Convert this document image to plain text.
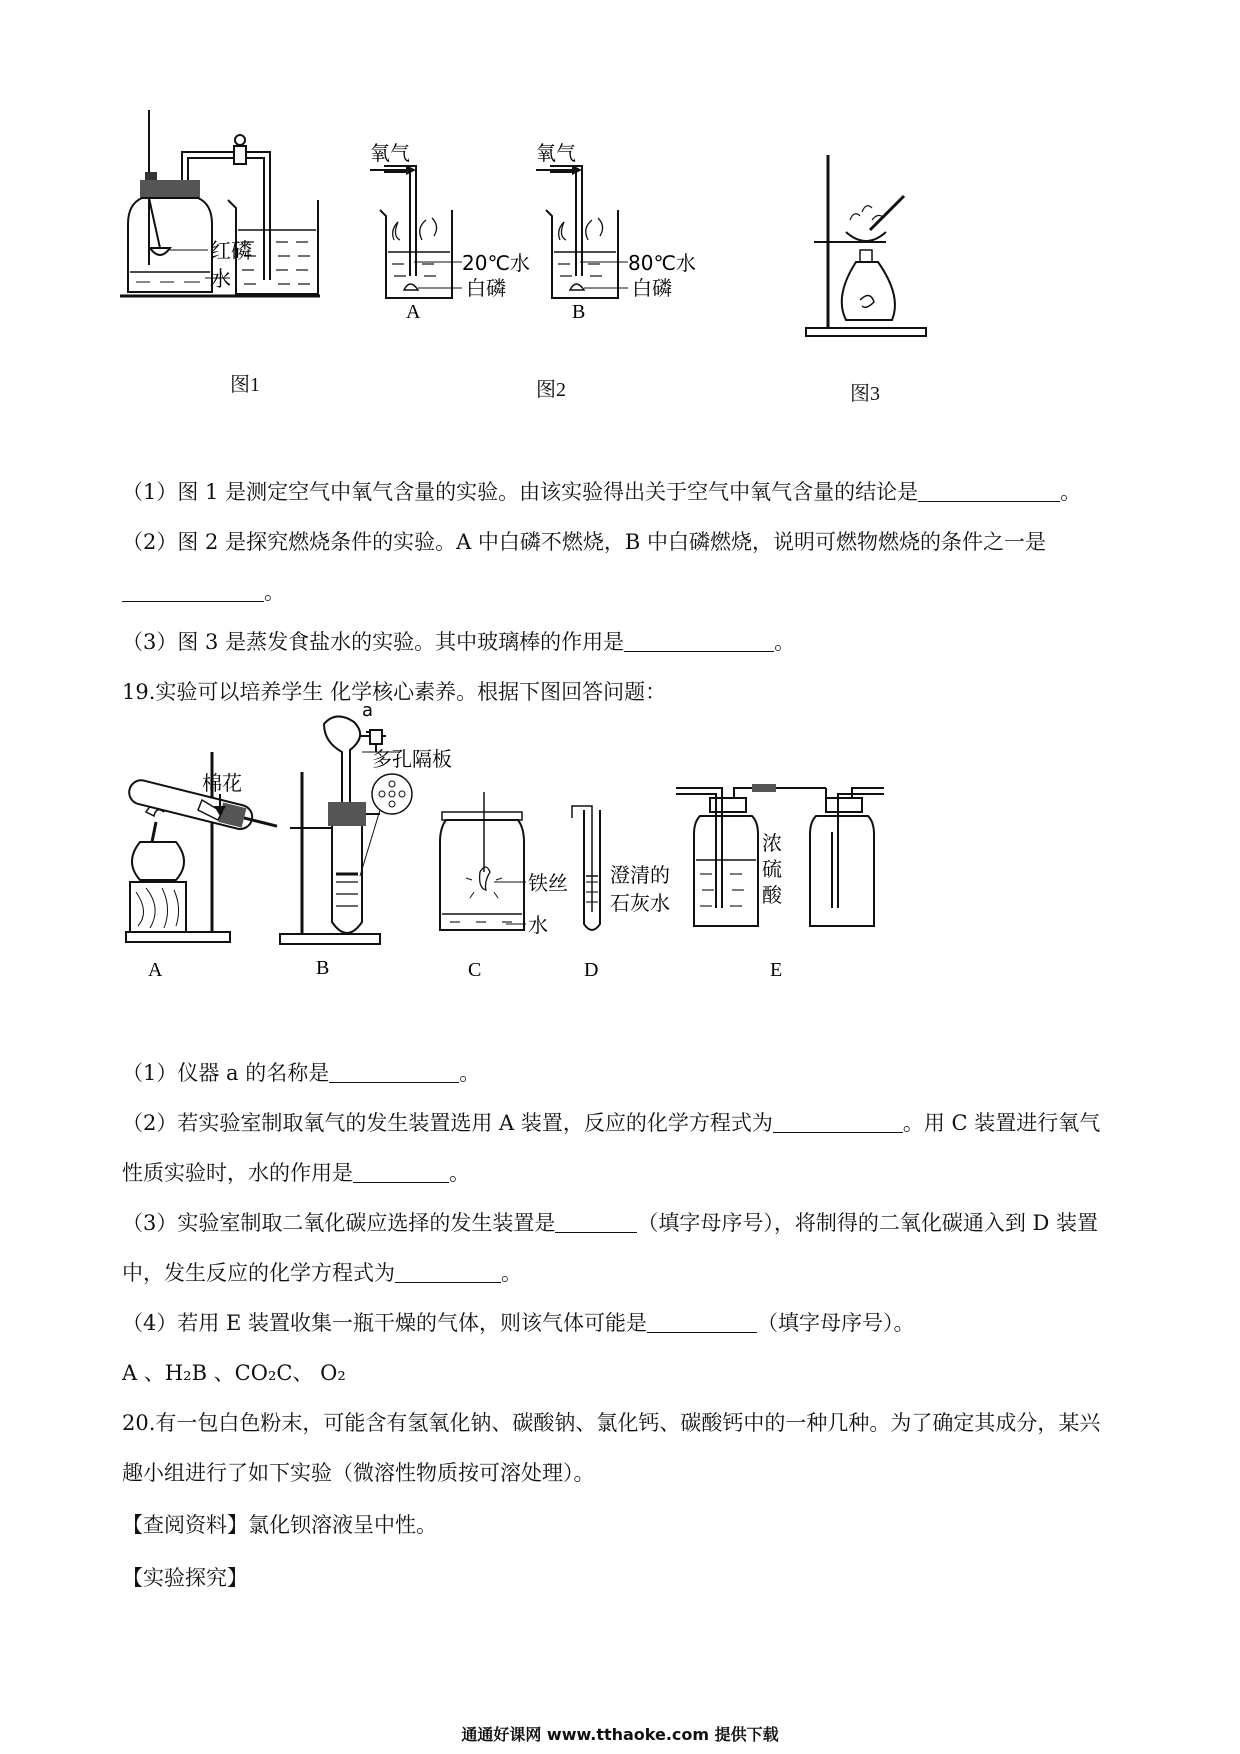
红磷
水
图1
氧气
20℃水
白磷
A
氧气
80℃水
白磷
B
图2	图3
（1）图 1 是测定空气中氧气含量的实验。由该实验得出关于空气中氧气含量的结论是	。
（2）图 2 是探究燃烧条件的实验。A 中白磷不燃烧，B 中白磷燃烧，说明可燃物燃烧的条件之一是
。
（3）图 3 是蒸发食盐水的实验。其中玻璃棒的作用是	。
19.实验可以培养学生 化学核心素养。根据下图回答问题：
棉花
A
a
多孔隔板
B
铁丝
水
C
澄清的
石灰水
D
浓
硫
酸
E
（1）仪器 a 的名称是	。
（2）若实验室制取氧气的发生装置选用 A 装置，反应的化学方程式为	。用 C 装置进行氧气
性质实验时，水的作用是	。
（3）实验室制取二氧化碳应选择的发生装置是	（填字母序号），将制得的二氧化碳通入到 D 装置
中，发生反应的化学方程式为	。
（4）若用 E 装置收集一瓶干燥的气体，则该气体可能是	（填字母序号）。
A 、H₂B 、CO₂C、 O₂
20.有一包白色粉末，可能含有氢氧化钠、碳酸钠、氯化钙、碳酸钙中的一种几种。为了确定其成分，某兴
趣小组进行了如下实验（微溶性物质按可溶处理）。
【查阅资料】氯化钡溶液呈中性。
【实验探究】
通通好课网 www.tthaoke.com 提供下载
